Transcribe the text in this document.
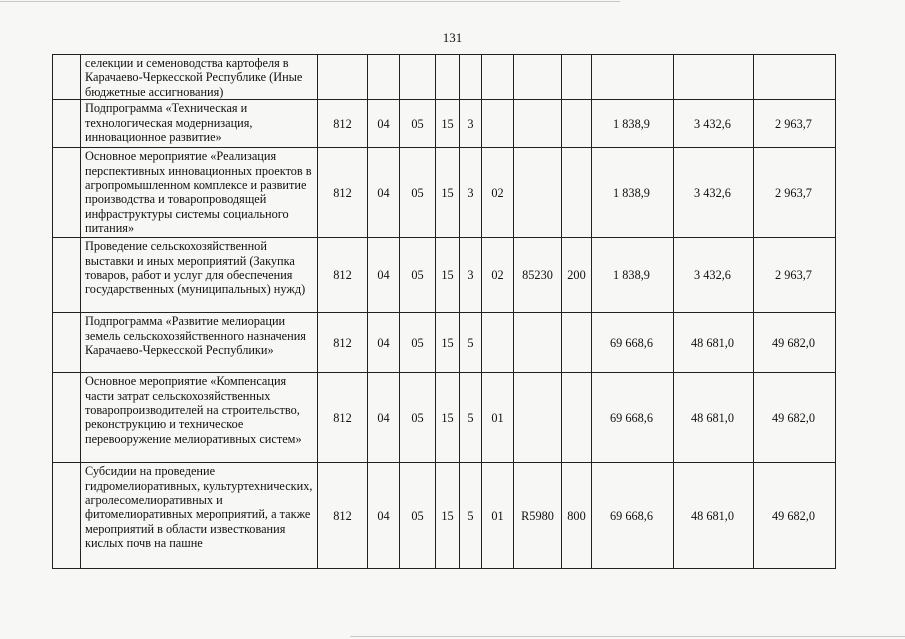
131
	селекции и семеноводства картофеля в Карачаево-Черкесской Республике (Иные бюджетные ассигнования)											
	Подпрограмма «Техническая и технологическая модернизация, инновационное развитие»	812	04	05	15	3				1 838,9	3 432,6	2 963,7
	Основное мероприятие «Реализация перспективных инновационных проектов в агропромышленном комплексе и развитие производства и товаропроводящей инфраструктуры системы социального питания»	812	04	05	15	3	02			1 838,9	3 432,6	2 963,7
	Проведение сельскохозяйственной выставки и иных мероприятий (Закупка товаров, работ и услуг для обеспечения государственных (муниципальных) нужд)	812	04	05	15	3	02	85230	200	1 838,9	3 432,6	2 963,7
	Подпрограмма «Развитие мелиорации земель сельскохозяйственного назначения Карачаево-Черкесской Республики»	812	04	05	15	5				69 668,6	48 681,0	49 682,0
	Основное мероприятие «Компенсация части затрат сельскохозяйственных товаропроизводителей на строительство, реконструкцию и техническое перевооружение мелиоративных систем»	812	04	05	15	5	01			69 668,6	48 681,0	49 682,0
	Субсидии на проведение гидромелиоративных, культуртехнических, агролесомелиоративных и фитомелиоративных мероприятий, а также мероприятий в области известкования кислых почв на пашне	812	04	05	15	5	01	R5980	800	69 668,6	48 681,0	49 682,0
